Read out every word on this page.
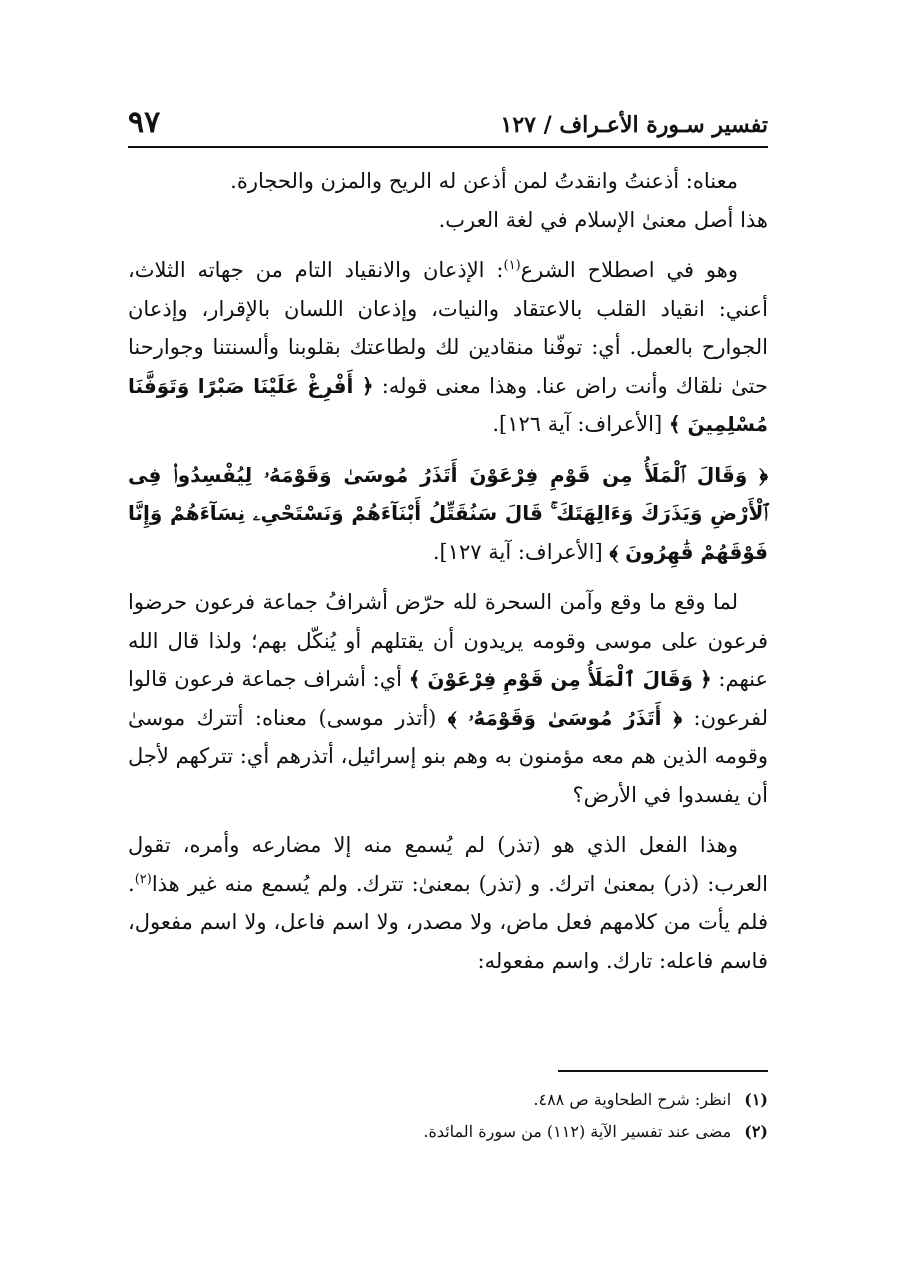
تفسير سـورة الأعـراف / ١٢٧
٩٧

معناه: أذعنتُ وانقدتُ لمن أذعن له الريح والمزن والحجارة.
هذا أصل معنىٰ الإسلام في لغة العرب.

وهو في اصطلاح الشرع$^{(١)}$: الإذعان والانقياد التام من جهاته الثلاث، أعني: انقياد القلب بالاعتقاد والنيات، وإذعان اللسان بالإقرار، وإذعان الجوارح بالعمل. أي: توفّنا منقادين لك ولطاعتك بقلوبنا وألسنتنا وجوارحنا حتىٰ نلقاك وأنت راض عنا. وهذا معنى قوله: ﴿ أَفْرِغْ عَلَيْنَا صَبْرًا وَتَوَفَّنَا مُسْلِمِينَ ﴾ [الأعراف: آية ١٢٦].

﴿ وَقَالَ ٱلْمَلَأُ مِن قَوْمِ فِرْعَوْنَ أَتَذَرُ مُوسَىٰ وَقَوْمَهُۥ لِيُفْسِدُوا۟ فِى ٱلْأَرْضِ وَيَذَرَكَ وَءَالِهَتَكَ ۚ قَالَ سَنُقَتِّلُ أَبْنَآءَهُمْ وَنَسْتَحْىِۦ نِسَآءَهُمْ وَإِنَّا فَوْقَهُمْ قَٰهِرُونَ ﴾ [الأعراف: آية ١٢٧].

لما وقع ما وقع وآمن السحرة لله حرّض أشرافُ جماعة فرعون حرضوا فرعون على موسى وقومه يريدون أن يقتلهم أو يُنكّل بهم؛ ولذا قال الله عنهم: ﴿ وَقَالَ ٱلْمَلَأُ مِن قَوْمِ فِرْعَوْنَ ﴾ أي: أشراف جماعة فرعون قالوا لفرعون: ﴿ أَتَذَرُ مُوسَىٰ وَقَوْمَهُۥ ﴾ (أتذر موسى) معناه: أتترك موسىٰ وقومه الذين هم معه مؤمنون به وهم بنو إسرائيل، أتذرهم أي: تتركهم لأجل أن يفسدوا في الأرض؟

وهذا الفعل الذي هو (تذر) لم يُسمع منه إلا مضارعه وأمره، تقول العرب: (ذر) بمعنىٰ اترك. و (تذر) بمعنىٰ: تترك. ولم يُسمع منه غير هذا$^{(٢)}$. فلم يأت من كلامهم فعل ماض، ولا مصدر، ولا اسم فاعل، ولا اسم مفعول، فاسم فاعله: تارك. واسم مفعوله:

(١) انظر: شرح الطحاوية ص ٤٨٨.
(٢) مضى عند تفسير الآية (١١٢) من سورة المائدة.
